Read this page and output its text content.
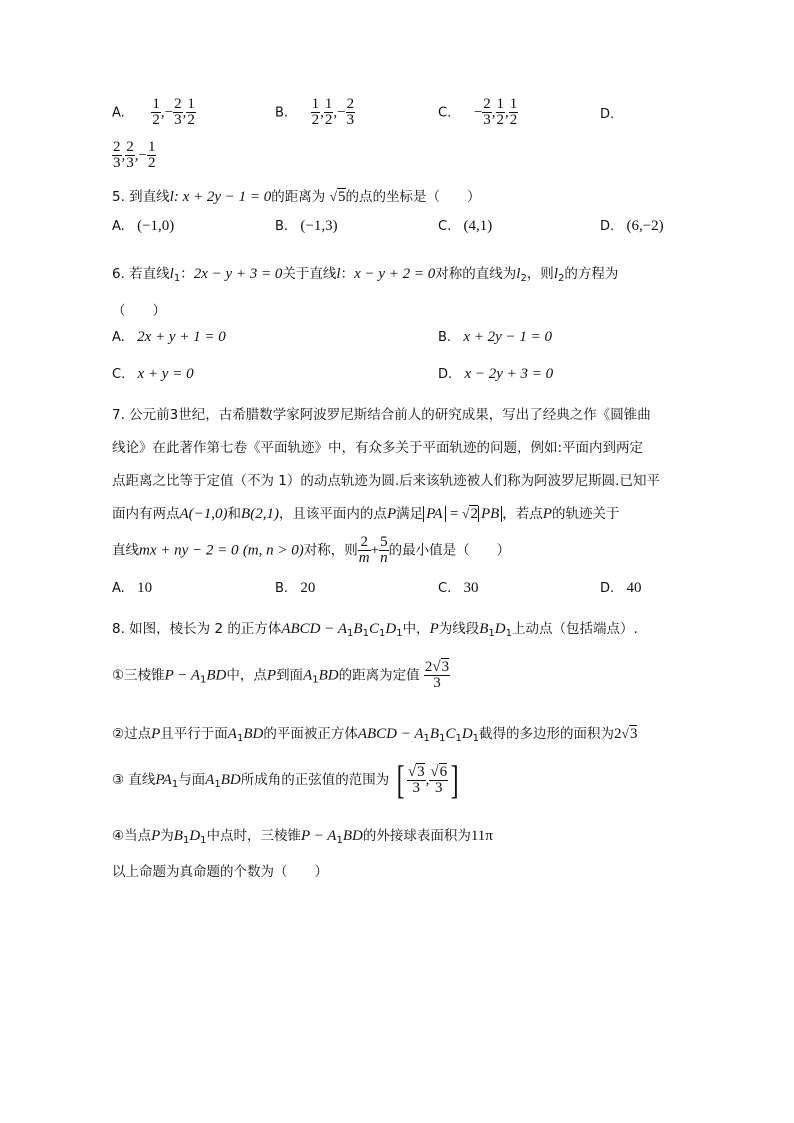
A. $\frac{1}{2}$ ,− $\frac{2}{3}$ , $\frac{1}{2}$	B. $\frac{1}{2}$ , $\frac{1}{2}$ ,− $\frac{2}{3}$	C. − $\frac{2}{3}$ , $\frac{1}{2}$ , $\frac{1}{2}$	D.
$\frac{2}{3}$ , $\frac{2}{3}$ ,− $\frac{1}{2}$
5. 到直线l: x + 2y − 1 = 0的距离为 √5的点的坐标是（　　）
A. (−1,0)	B. (−1,3)	C. (4,1)	D. (6,−2)
6. 若直线$l_1$：2x − y + 3 = 0关于直线l：x − y + 2 = 0对称的直线为$l_2$，则$l_2$的方程为
（　　）
A. 2x + y + 1 = 0	B. x + 2y − 1 = 0
C. x + y = 0	D. x − 2y + 3 = 0
7. 公元前3世纪，古希腊数学家阿波罗尼斯结合前人的研究成果，写出了经典之作《圆锥曲
线论》在此著作第七卷《平面轨迹》中，有众多关于平面轨迹的问题，例如:平面内到两定
点距离之比等于定值（不为 1）的动点轨迹为圆.后来该轨迹被人们称为阿波罗尼斯圆.已知平
面内有两点A(−1,0)和B(2,1)，且该平面内的点P满足 PA = √2 PB ，若点P的轨迹关于
直线mx + ny − 2 = 0 (m, n > 0)对称，则 $\frac{2}{m} + \frac{5}{n}$ 的最小值是（　　）
A. 10	B. 20	C. 30	D. 40
8. 如图，棱长为 2 的正方体ABCD − $A_1B_1C_1D_1$中，P为线段$B_1D_1$上动点（包括端点）.
①三棱锥$P - A_1BD$中，点P到面$A_1BD$的距离为定值 $\frac{2√3}{3}$
②过点P且平行于面$A_1BD$的平面被正方体ABCD − $A_1B_1C_1D_1$截得的多边形的面积为2√3
③ 直线$PA_1$与面$A_1BD$所成角的正弦值的范围为 [ $\frac{√3}{3}$ , $\frac{√6}{3}$ ]
④当点P为$B_1D_1$中点时，三棱锥$P - A_1BD$的外接球表面积为11π
以上命题为真命题的个数为（　　）
